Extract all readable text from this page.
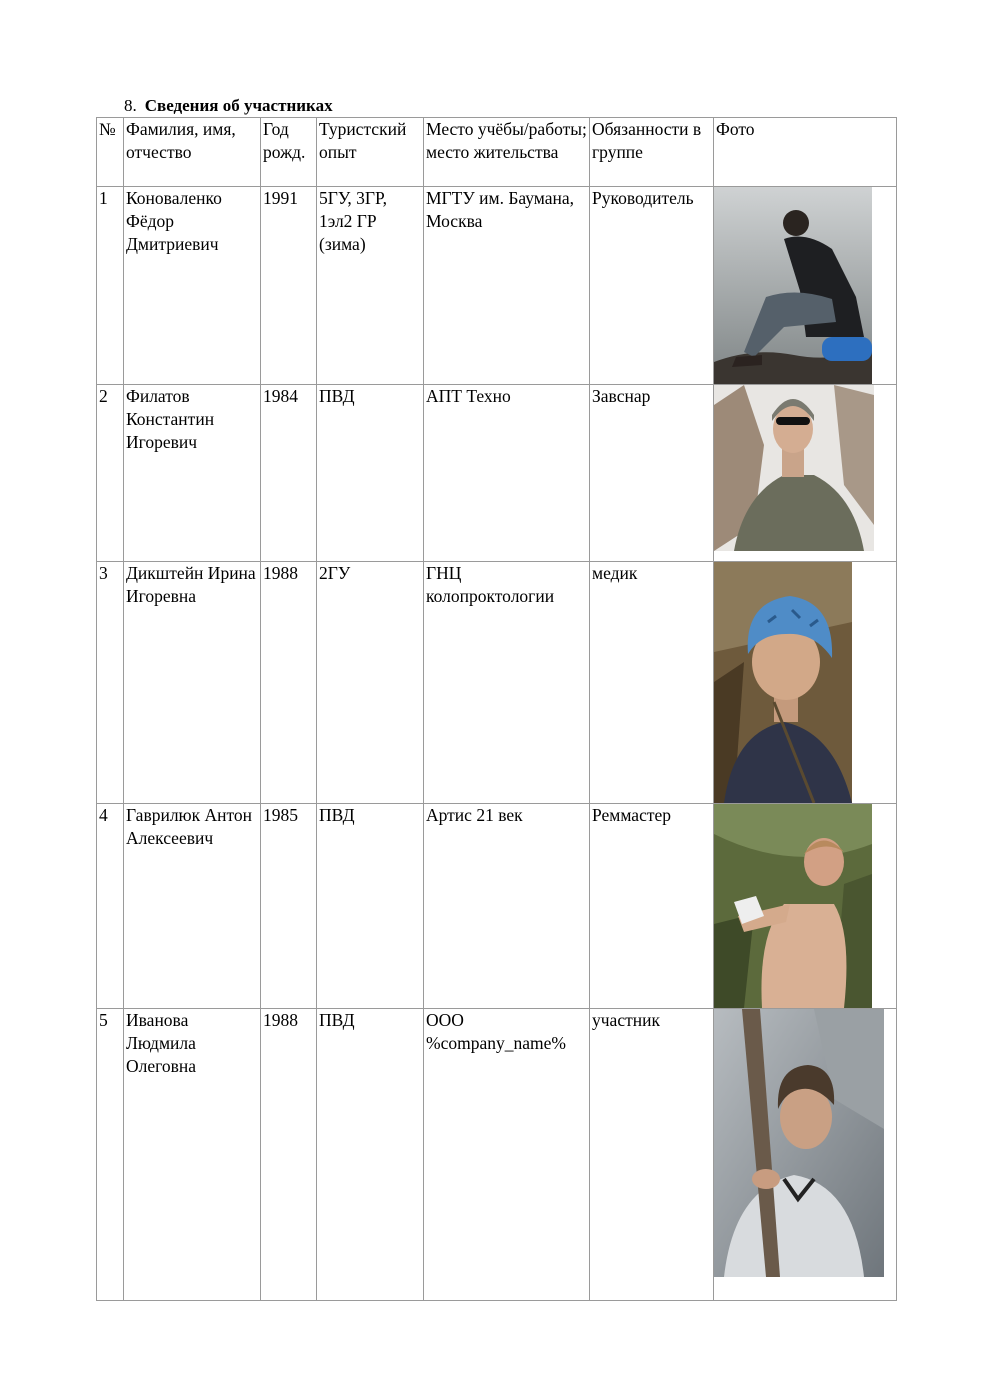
8. Сведения об участниках
№	Фамилия, имя, отчество	Год рожд.	Туристский опыт	Место учёбы/работы; место жительства	Обязанности в группе	Фото
1	Коноваленко Фёдор Дмитриевич	1991	5ГУ, 3ГР, 1эл2 ГР (зима)	МГТУ им. Баумана, Москва	Руководитель	

2	Филатов Константин Игоревич	1984	ПВД	АПТ Техно	Завснар	

3	Дикштейн Ирина Игоревна	1988	2ГУ	ГНЦ колопроктологии	медик	

4	Гаврилюк Антон Алексеевич	1985	ПВД	Артис 21 век	Реммастер	

5	Иванова Людмила Олеговна	1988	ПВД	ООО %company_name%	участник	
